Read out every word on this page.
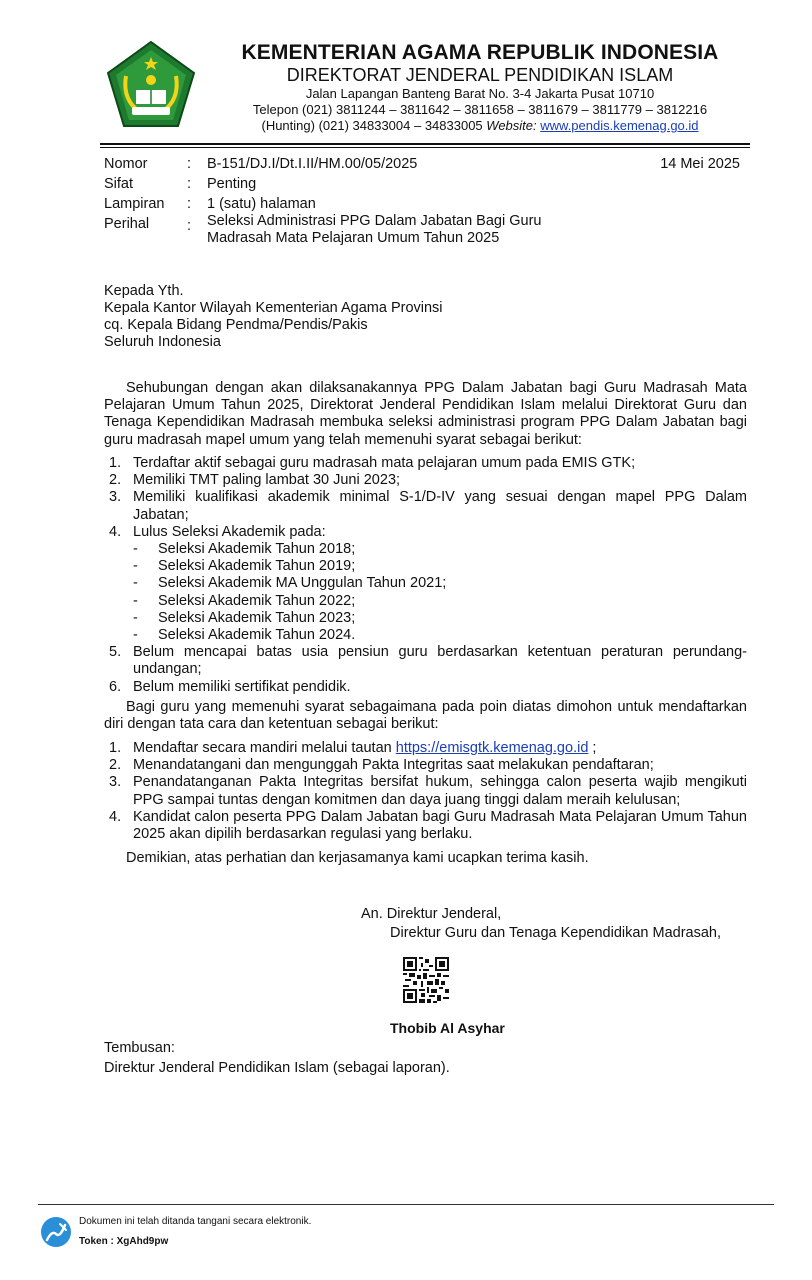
KEMENTERIAN AGAMA REPUBLIK INDONESIA
DIREKTORAT JENDERAL PENDIDIKAN ISLAM
Jalan Lapangan Banteng Barat No. 3-4 Jakarta Pusat 10710
Telepon (021) 3811244 – 3811642 – 3811658 – 3811679 – 3811779 – 3812216
(Hunting) (021) 34833004 – 34833005 Website: www.pendis.kemenag.go.id
Nomor	: B-151/DJ.I/Dt.I.II/HM.00/05/2025	14 Mei 2025
Sifat	: Penting
Lampiran : 1 (satu) halaman
Perihal	: Seleksi Administrasi PPG Dalam Jabatan Bagi Guru
Madrasah Mata Pelajaran Umum Tahun 2025
Kepada Yth.
Kepala Kantor Wilayah Kementerian Agama Provinsi
cq. Kepala Bidang Pendma/Pendis/Pakis
Seluruh Indonesia
Sehubungan dengan akan dilaksanakannya PPG Dalam Jabatan bagi Guru Madrasah Mata Pelajaran Umum Tahun 2025, Direktorat Jenderal Pendidikan Islam melalui Direktorat Guru dan Tenaga Kependidikan Madrasah membuka seleksi administrasi program PPG Dalam Jabatan bagi guru madrasah mapel umum yang telah memenuhi syarat sebagai berikut:
1. Terdaftar aktif sebagai guru madrasah mata pelajaran umum pada EMIS GTK;
2. Memiliki TMT paling lambat 30 Juni 2023;
3. Memiliki kualifikasi akademik minimal S-1/D-IV yang sesuai dengan mapel PPG Dalam Jabatan;
4. Lulus Seleksi Akademik pada:
- Seleksi Akademik Tahun 2018;
- Seleksi Akademik Tahun 2019;
- Seleksi Akademik MA Unggulan Tahun 2021;
- Seleksi Akademik Tahun 2022;
- Seleksi Akademik Tahun 2023;
- Seleksi Akademik Tahun 2024.
5. Belum mencapai batas usia pensiun guru berdasarkan ketentuan peraturan perundang-undangan;
6. Belum memiliki sertifikat pendidik.
Bagi guru yang memenuhi syarat sebagaimana pada poin diatas dimohon untuk mendaftarkan diri dengan tata cara dan ketentuan sebagai berikut:
1. Mendaftar secara mandiri melalui tautan https://emisgtk.kemenag.go.id ;
2. Menandatangani dan mengunggah Pakta Integritas saat melakukan pendaftaran;
3. Penandatanganan Pakta Integritas bersifat hukum, sehingga calon peserta wajib mengikuti PPG sampai tuntas dengan komitmen dan daya juang tinggi dalam meraih kelulusan;
4. Kandidat calon peserta PPG Dalam Jabatan bagi Guru Madrasah Mata Pelajaran Umum Tahun 2025 akan dipilih berdasarkan regulasi yang berlaku.
Demikian, atas perhatian dan kerjasamanya kami ucapkan terima kasih.
An. Direktur Jenderal,
Direktur Guru dan Tenaga Kependidikan Madrasah,
Thobib Al Asyhar
Tembusan:
Direktur Jenderal Pendidikan Islam (sebagai laporan).
Dokumen ini telah ditanda tangani secara elektronik.
Token : XgAhd9pw
